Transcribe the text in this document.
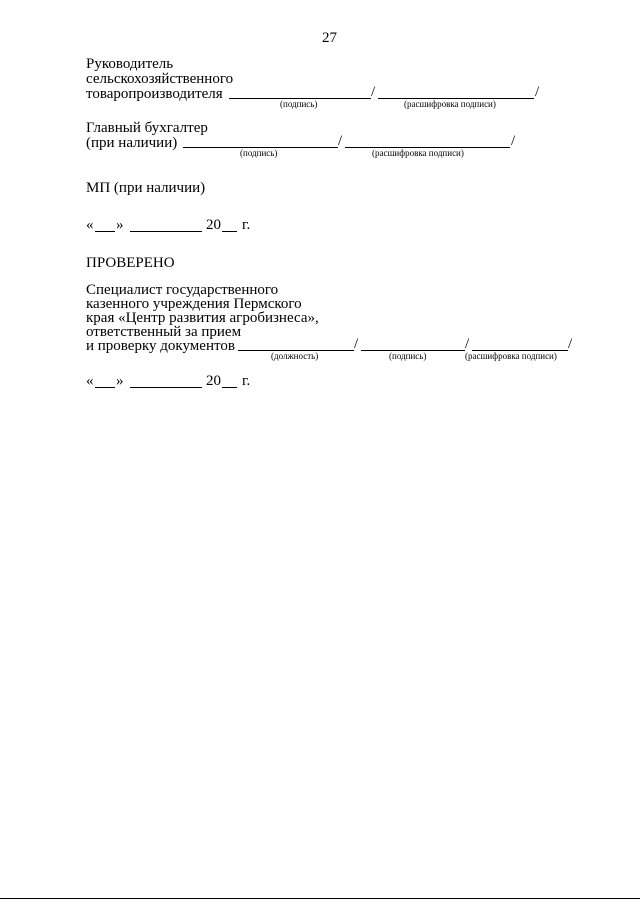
27
Руководитель
сельскохозяйственного
товаропроизводителя	/	/
(подпись)	(расшифровка подписи)
Главный бухгалтер
(при наличии)	/	/
(подпись)	(расшифровка подписи)
МП (при наличии)
« »	20 г.
ПРОВЕРЕНО
Специалист государственного
казенного учреждения Пермского
края «Центр развития агробизнеса»,
ответственный за прием
и проверку документов	/	/	/
(должность)	(подпись)	(расшифровка подписи)
« »	20 г.
